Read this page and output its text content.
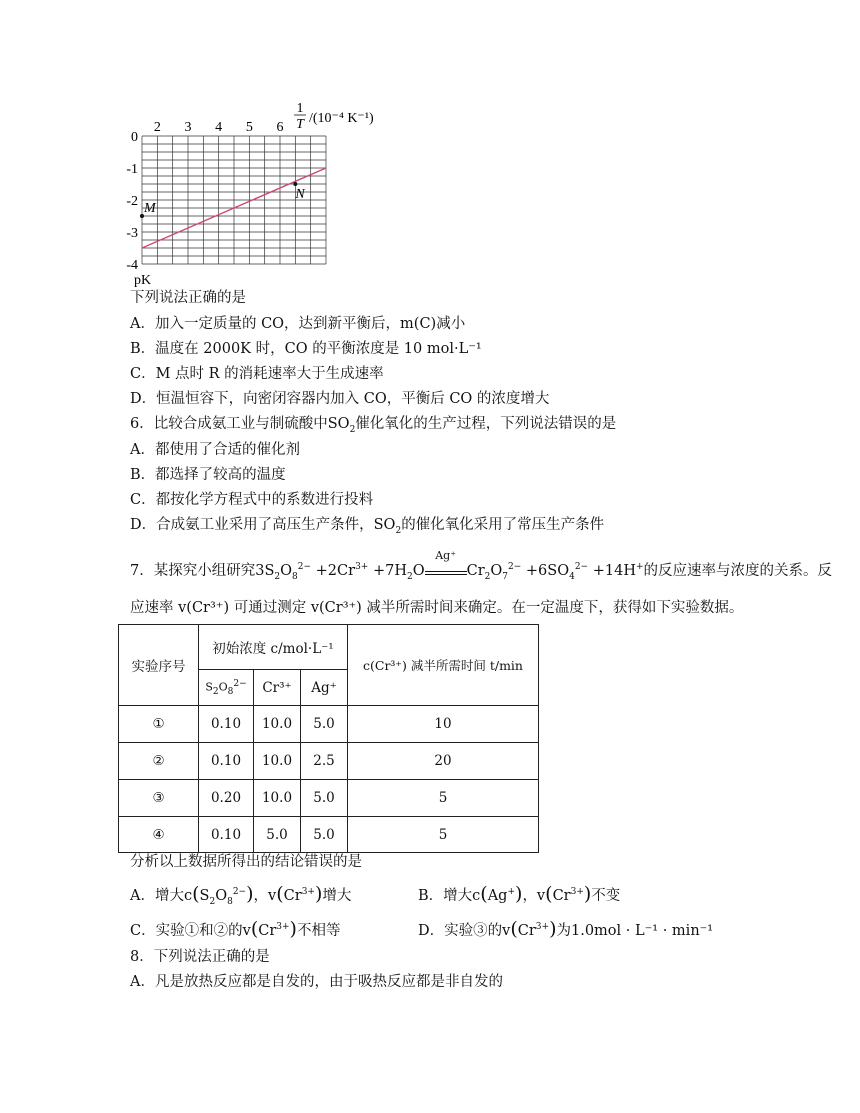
2 3 4 5 6
0
-1
-2
-3
-4
M
N
1
T /(10⁻⁴ K⁻¹)
pK
下列说法正确的是
A．加入一定质量的 CO，达到新平衡后，m(C)减小
B．温度在 2000K 时，CO 的平衡浓度是 10 mol·L⁻¹
C．M 点时 R 的消耗速率大于生成速率
D．恒温恒容下，向密闭容器内加入 CO，平衡后 CO 的浓度增大
6．比较合成氨工业与制硫酸中$SO_2$催化氧化的生产过程，下列说法错误的是
A．都使用了合适的催化剂
B．都选择了较高的温度
C．都按化学方程式中的系数进行投料
D．合成氨工业采用了高压生产条件，$SO_2$的催化氧化采用了常压生产条件
7．某探究小组研究$3S_2O_8^{2-} +2Cr^{3+} +7H_2O$
Ag⁺
$Cr_2O_7^{2-} +6SO_4^{2-} +14H^+$的反应速率与浓度的关系。反
应速率 v(Cr³⁺) 可通过测定 v(Cr³⁺) 减半所需时间来确定。在一定温度下，获得如下实验数据。
实验序号	初始浓度 c/mol·L⁻¹			c(Cr³⁺) 减半所需时间 t/min
	$S_2O_8^{2-}$	Cr³⁺	Ag⁺	
①	0.10	10.0	5.0	10
②	0.10	10.0	2.5	20
③	0.20	10.0	5.0	5
④	0.10	5.0	5.0	5
分析以上数据所得出的结论错误的是
A．增大$c(S_2O_8^{2-})$，$v(Cr^{3+})$增大	B．增大c(Ag+)，$v(Cr^{3+})$不变
C．实验①和②的$v(Cr^{3+})$不相等	D．实验③的$v(Cr^{3+})$为1.0mol · L⁻¹ · min⁻¹
8．下列说法正确的是
A．凡是放热反应都是自发的，由于吸热反应都是非自发的
